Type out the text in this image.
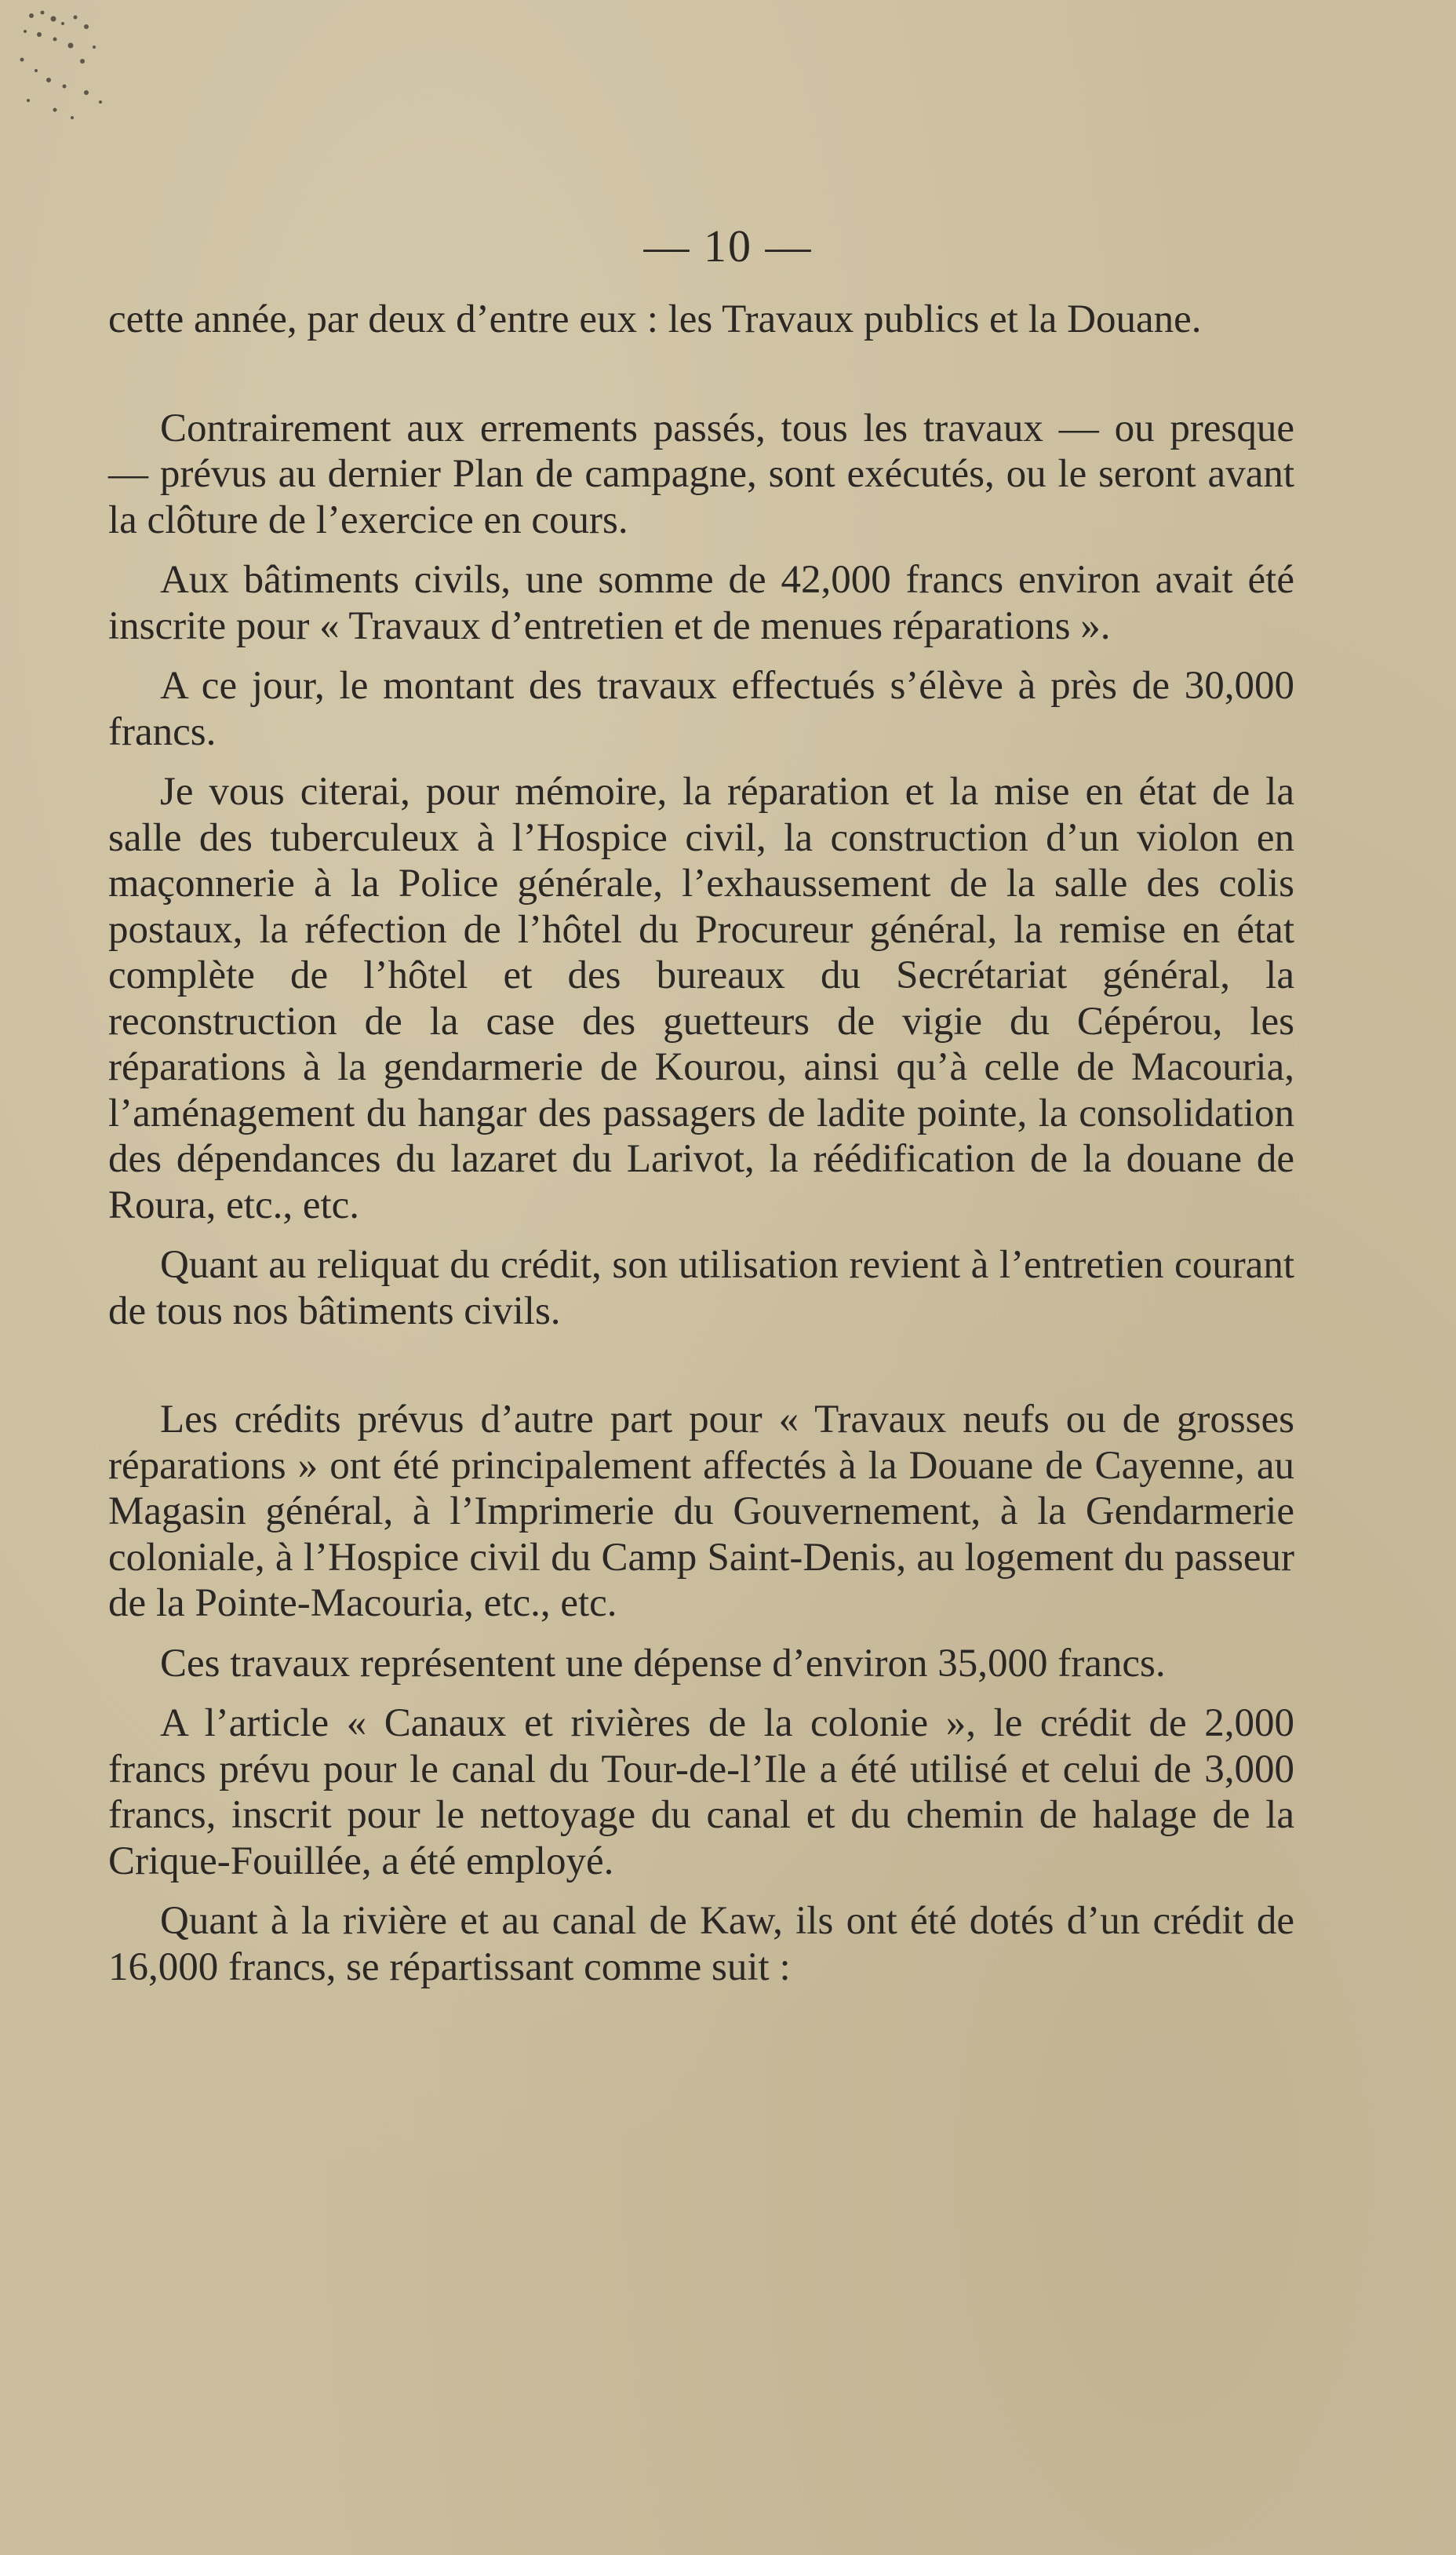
— 10 —

cette année, par deux d’entre eux : les Travaux publics et la Douane.

Contrairement aux errements passés, tous les travaux — ou presque — prévus au dernier Plan de campagne, sont exécutés, ou le seront avant la clôture de l’exercice en cours.

Aux bâtiments civils, une somme de 42,000 francs environ avait été inscrite pour « Travaux d’entretien et de menues réparations ».

A ce jour, le montant des travaux effectués s’élève à près de 30,000 francs.

Je vous citerai, pour mémoire, la réparation et la mise en état de la salle des tuberculeux à l’Hospice civil, la construction d’un violon en maçonnerie à la Police générale, l’exhaussement de la salle des colis postaux, la réfection de l’hôtel du Procureur général, la remise en état complète de l’hôtel et des bureaux du Secrétariat général, la reconstruction de la case des guetteurs de vigie du Cépérou, les réparations à la gendarmerie de Kourou, ainsi qu’à celle de Macouria, l’aménagement du hangar des passagers de ladite pointe, la consolidation des dépendances du lazaret du Larivot, la réédification de la douane de Roura, etc., etc.

Quant au reliquat du crédit, son utilisation revient à l’entretien courant de tous nos bâtiments civils.

Les crédits prévus d’autre part pour « Travaux neufs ou de grosses réparations » ont été principalement affectés à la Douane de Cayenne, au Magasin général, à l’Imprimerie du Gouvernement, à la Gendarmerie coloniale, à l’Hospice civil du Camp Saint-Denis, au logement du passeur de la Pointe-Macouria, etc., etc.

Ces travaux représentent une dépense d’environ 35,000 francs.

A l’article « Canaux et rivières de la colonie », le crédit de 2,000 francs prévu pour le canal du Tour-de-l’Ile a été utilisé et celui de 3,000 francs, inscrit pour le nettoyage du canal et du chemin de halage de la Crique-Fouillée, a été employé.

Quant à la rivière et au canal de Kaw, ils ont été dotés d’un crédit de 16,000 francs, se répartissant comme suit :
